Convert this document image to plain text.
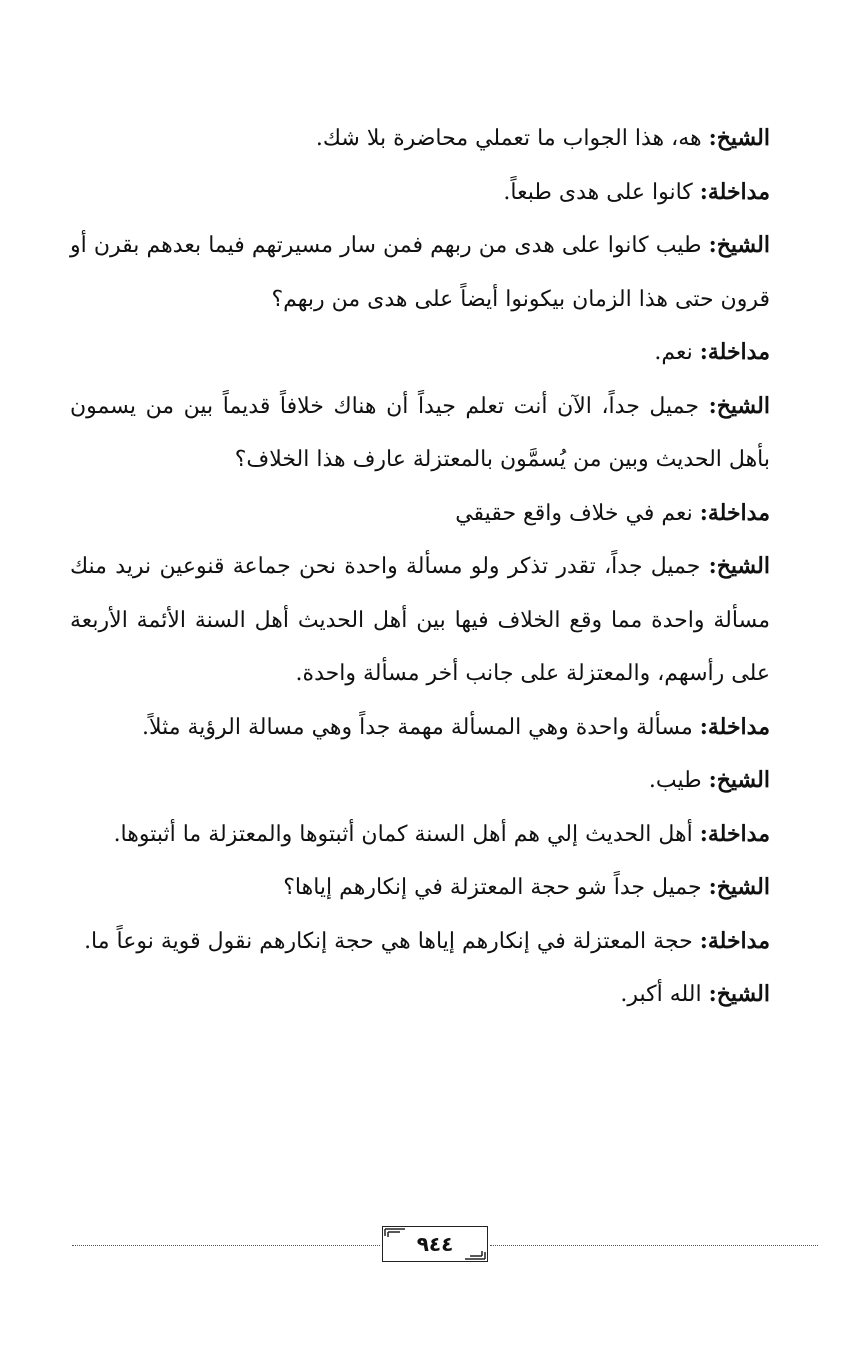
الشيخ: هه، هذا الجواب ما تعملي محاضرة بلا شك.

مداخلة: كانوا على هدى طبعاً.

الشيخ: طيب كانوا على هدى من ربهم فمن سار مسيرتهم فيما بعدهم بقرن أو قرون حتى هذا الزمان بيكونوا أيضاً على هدى من ربهم؟

مداخلة: نعم.

الشيخ: جميل جداً، الآن أنت تعلم جيداً أن هناك خلافاً قديماً بين من يسمون بأهل الحديث وبين من يُسمَّون بالمعتزلة عارف هذا الخلاف؟

مداخلة: نعم في خلاف واقع حقيقي

الشيخ: جميل جداً، تقدر تذكر ولو مسألة واحدة نحن جماعة قنوعين نريد منك مسألة واحدة مما وقع الخلاف فيها بين أهل الحديث أهل السنة الأئمة الأربعة على رأسهم، والمعتزلة على جانب أخر مسألة واحدة.

مداخلة: مسألة واحدة وهي المسألة مهمة جداً وهي مسالة الرؤية مثلاً.

الشيخ: طيب.

مداخلة: أهل الحديث إلي هم أهل السنة كمان أثبتوها والمعتزلة ما أثبتوها.

الشيخ: جميل جداً شو حجة المعتزلة في إنكارهم إياها؟

مداخلة: حجة المعتزلة في إنكارهم إياها هي حجة إنكارهم نقول قوية نوعاً ما.

الشيخ: الله أكبر.

٩٤٤
